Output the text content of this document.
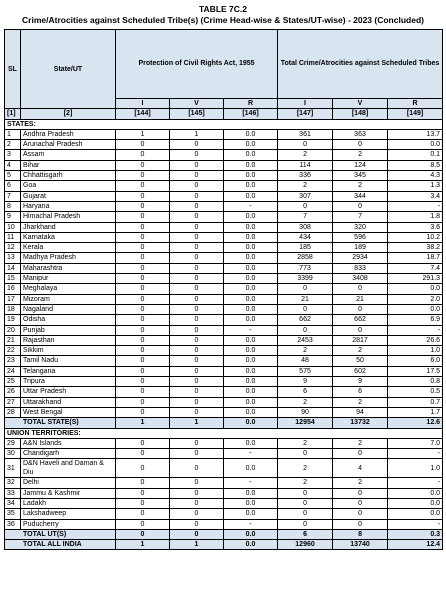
TABLE 7C.2
Crime/Atrocities against Scheduled Tribe(s) (Crime Head-wise & States/UT-wise) - 2023 (Concluded)
SL	State/UT	Protection of Civil Rights Act, 1955			Total Crime/Atrocities against Scheduled Tribes		
		I	V	R	I	V	R
[1]	[2]	[144]	[145]	[146]	[147]	[148]	[149]
STATES:							
1	Andhra Pradesh	1	1	0.0	361	363	13.7
2	Arunachal Pradesh	0	0	0.0	0	0	0.0
3	Assam	0	0	0.0	2	2	0.1
4	Bihar	0	0	0.0	114	124	8.5
5	Chhattisgarh	0	0	0.0	336	345	4.3
6	Goa	0	0	0.0	2	2	1.3
7	Gujarat	0	0	0.0	307	344	3.4
8	Haryana	0	0	-	0	0	-
9	Himachal Pradesh	0	0	0.0	7	7	1.8
10	Jharkhand	0	0	0.0	308	320	3.6
11	Karnataka	0	0	0.0	434	596	10.2
12	Kerala	0	0	0.0	185	189	38.2
13	Madhya Pradesh	0	0	0.0	2858	2934	18.7
14	Maharashtra	0	0	0.0	773	833	7.4
15	Manipur	0	0	0.0	3399	3408	291.3
16	Meghalaya	0	0	0.0	0	0	0.0
17	Mizoram	0	0	0.0	21	21	2.0
18	Nagaland	0	0	0.0	0	0	0.0
19	Odisha	0	0	0.0	662	662	6.9
20	Punjab	0	0	-	0	0	-
21	Rajasthan	0	0	0.0	2453	2817	26.6
22	Sikkim	0	0	0.0	2	2	1.0
23	Tamil Nadu	0	0	0.0	48	50	6.0
24	Telangana	0	0	0.0	575	602	17.5
25	Tripura	0	0	0.0	9	9	0.8
26	Uttar Pradesh	0	0	0.0	6	6	0.5
27	Uttarakhand	0	0	0.0	2	2	0.7
28	West Bengal	0	0	0.0	90	94	1.7
TOTAL STATE(S)		1	1	0.0	12954	13732	12.6
UNION TERRITORIES:							
29	A&N Islands	0	0	0.0	2	2	7.0
30	Chandigarh	0	0	-	0	0	-
31	D&N Haveli and Daman & Diu	0	0	0.0	2	4	1.0
32	Delhi	0	0	-	2	2	-
33	Jammu & Kashmir	0	0	0.0	0	0	0.0
34	Ladakh	0	0	0.0	0	0	0.0
35	Lakshadweep	0	0	0.0	0	0	0.0
36	Puducherry	0	0	-	0	0	-
TOTAL UT(S)		0	0	0.0	6	8	0.3
TOTAL ALL INDIA		1	1	0.0	12960	13740	12.4
